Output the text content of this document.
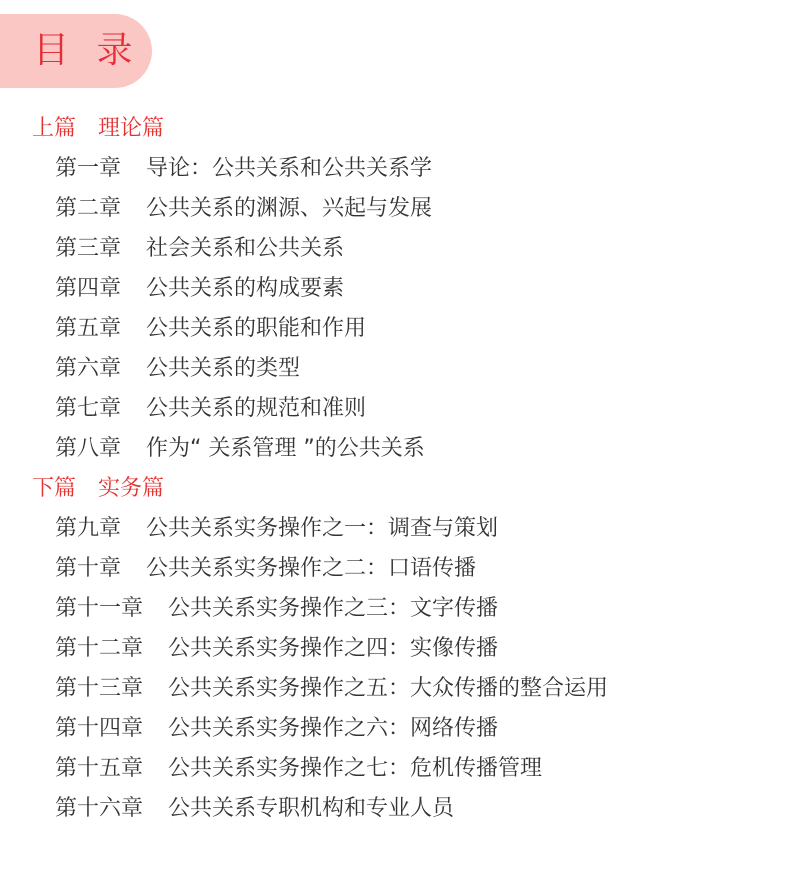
目 录
上篇　理论篇
第一章 导论：公共关系和公共关系学
第二章 公共关系的渊源、兴起与发展
第三章 社会关系和公共关系
第四章 公共关系的构成要素
第五章 公共关系的职能和作用
第六章 公共关系的类型
第七章 公共关系的规范和准则
第八章 作为“ 关系管理 ”的公共关系
下篇　实务篇
第九章 公共关系实务操作之一：调查与策划
第十章 公共关系实务操作之二：口语传播
第十一章 公共关系实务操作之三：文字传播
第十二章 公共关系实务操作之四：实像传播
第十三章 公共关系实务操作之五：大众传播的整合运用
第十四章 公共关系实务操作之六：网络传播
第十五章 公共关系实务操作之七：危机传播管理
第十六章 公共关系专职机构和专业人员
